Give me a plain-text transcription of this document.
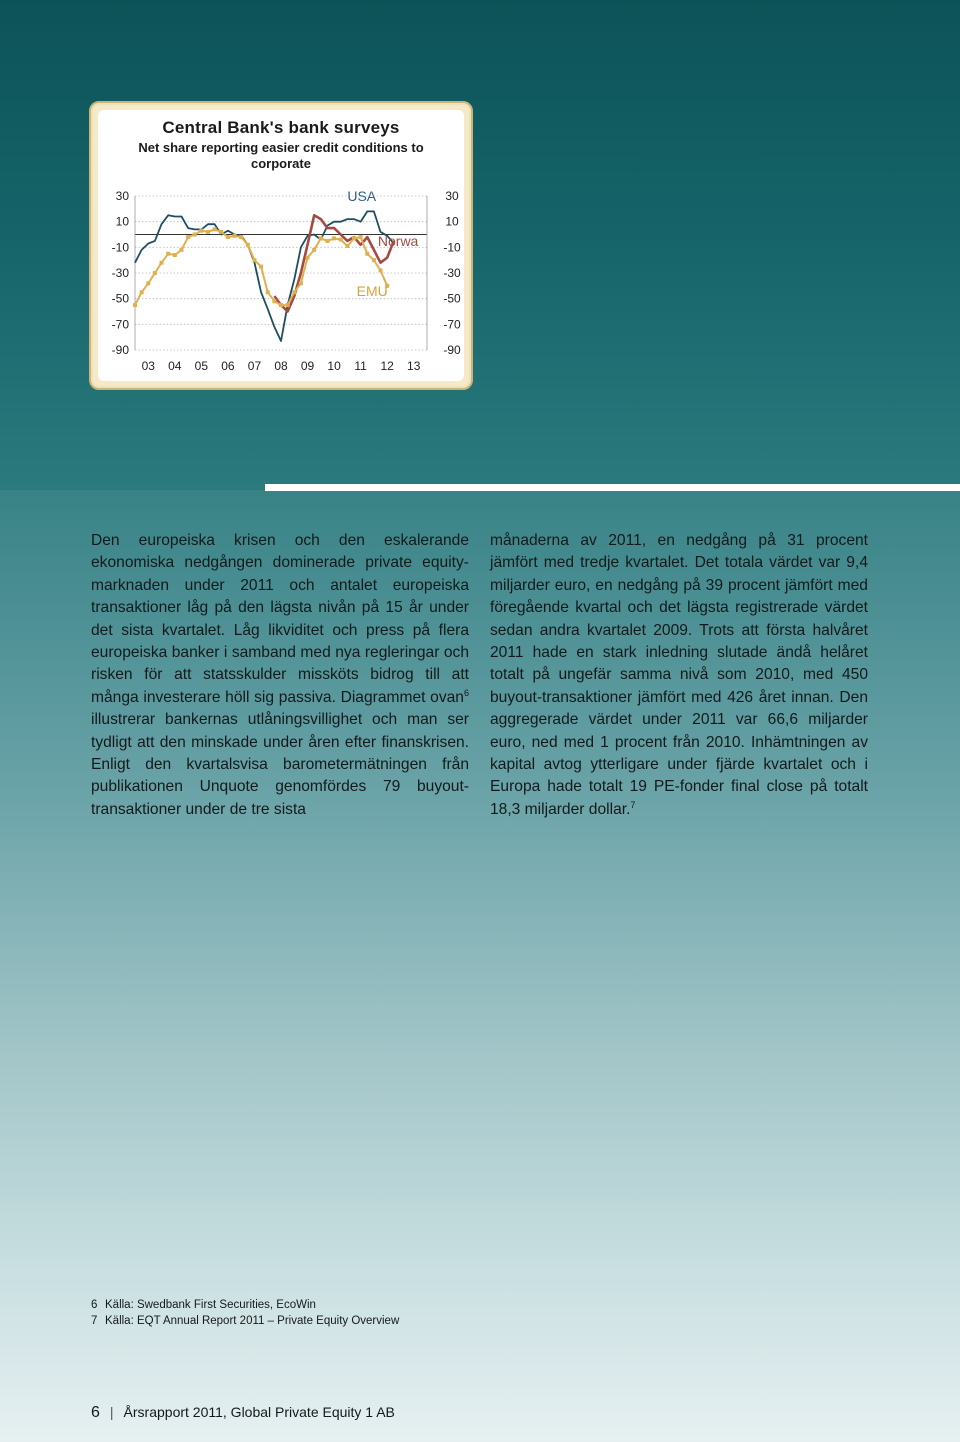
Central Bank's bank surveys
Net share reporting easier credit conditions to corporate
30
10
-10
-30
-50
-70
-90
30
10
-10
-30
-50
-70
-90
03 04 05 06 07 08 09 10 11 12 13
USA
Norwa
EMU
Den europeiska krisen och den eskalerande ekonomiska nedgången dominerade private equity-marknaden under 2011 och antalet europeiska transaktioner låg på den lägsta nivån på 15 år under det sista kvartalet. Låg likviditet och press på flera europeiska banker i samband med nya regleringar och risken för att statsskulder missköts bidrog till att många investerare höll sig passiva. Diagrammet ovan$^6$ illustrerar bankernas utlåningsvillighet och man ser tydligt att den minskade under åren efter finanskrisen. Enligt den kvartalsvisa barometermätningen från publikationen Unquote genomfördes 79 buyout-transaktioner under de tre sista
månaderna av 2011, en nedgång på 31 procent jämfört med tredje kvartalet. Det totala värdet var 9,4 miljarder euro, en nedgång på 39 procent jämfört med föregående kvartal och det lägsta registrerade värdet sedan andra kvartalet 2009. Trots att första halvåret 2011 hade en stark inledning slutade ändå helåret totalt på ungefär samma nivå som 2010, med 450 buyout-transaktioner jämfört med 426 året innan. Den aggregerade värdet under 2011 var 66,6 miljarder euro, ned med 1 procent från 2010. Inhämtningen av kapital avtog ytterligare under fjärde kvartalet och i Europa hade totalt 19 PE-fonder final close på totalt 18,3 miljarder dollar.$^7$
6 Källa: Swedbank First Securities, EcoWin
7 Källa: EQT Annual Report 2011 – Private Equity Overview
6 | Årsrapport 2011, Global Private Equity 1 AB
